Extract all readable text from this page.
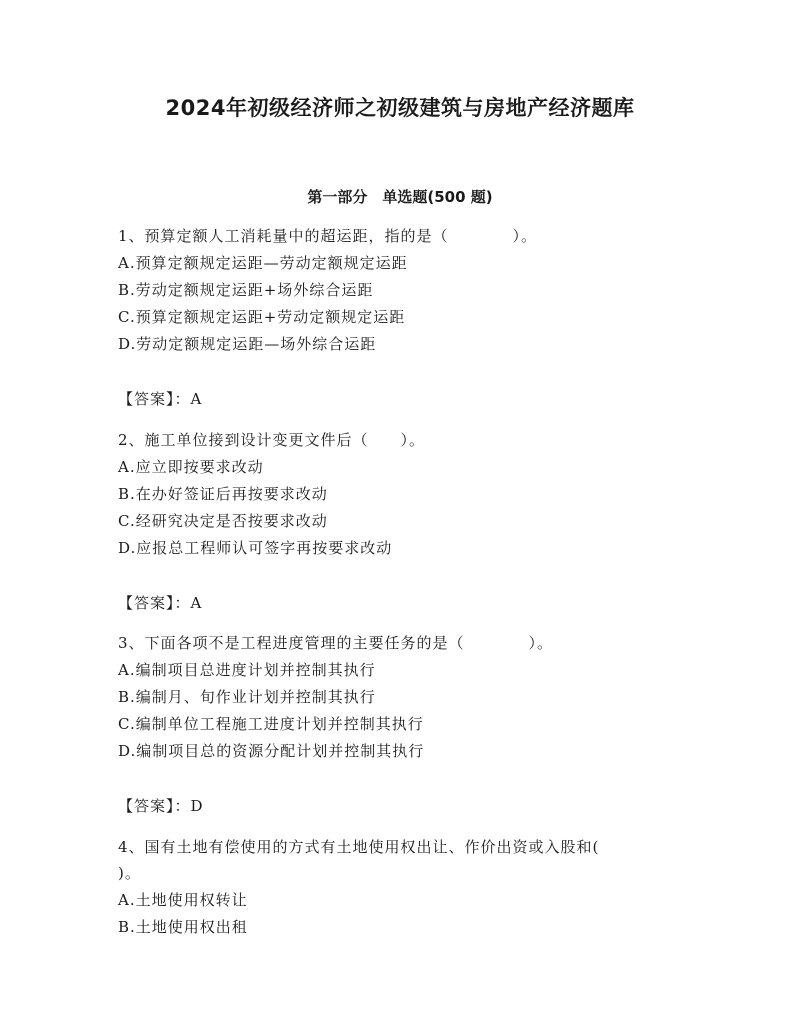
2024年初级经济师之初级建筑与房地产经济题库
第一部分　单选题(500 题)
1、预算定额人工消耗量中的超运距，指的是（　　　　）。
A.预算定额规定运距—劳动定额规定运距
B.劳动定额规定运距+场外综合运距
C.预算定额规定运距+劳动定额规定运距
D.劳动定额规定运距—场外综合运距
【答案】：A
2、施工单位接到设计变更文件后（　　）。
A.应立即按要求改动
B.在办好签证后再按要求改动
C.经研究决定是否按要求改动
D.应报总工程师认可签字再按要求改动
【答案】：A
3、下面各项不是工程进度管理的主要任务的是（　　　　）。
A.编制项目总进度计划并控制其执行
B.编制月、旬作业计划并控制其执行
C.编制单位工程施工进度计划并控制其执行
D.编制项目总的资源分配计划并控制其执行
【答案】：D
4、国有土地有偿使用的方式有土地使用权出让、作价出资或入股和(
)。
A.土地使用权转让
B.土地使用权出租
